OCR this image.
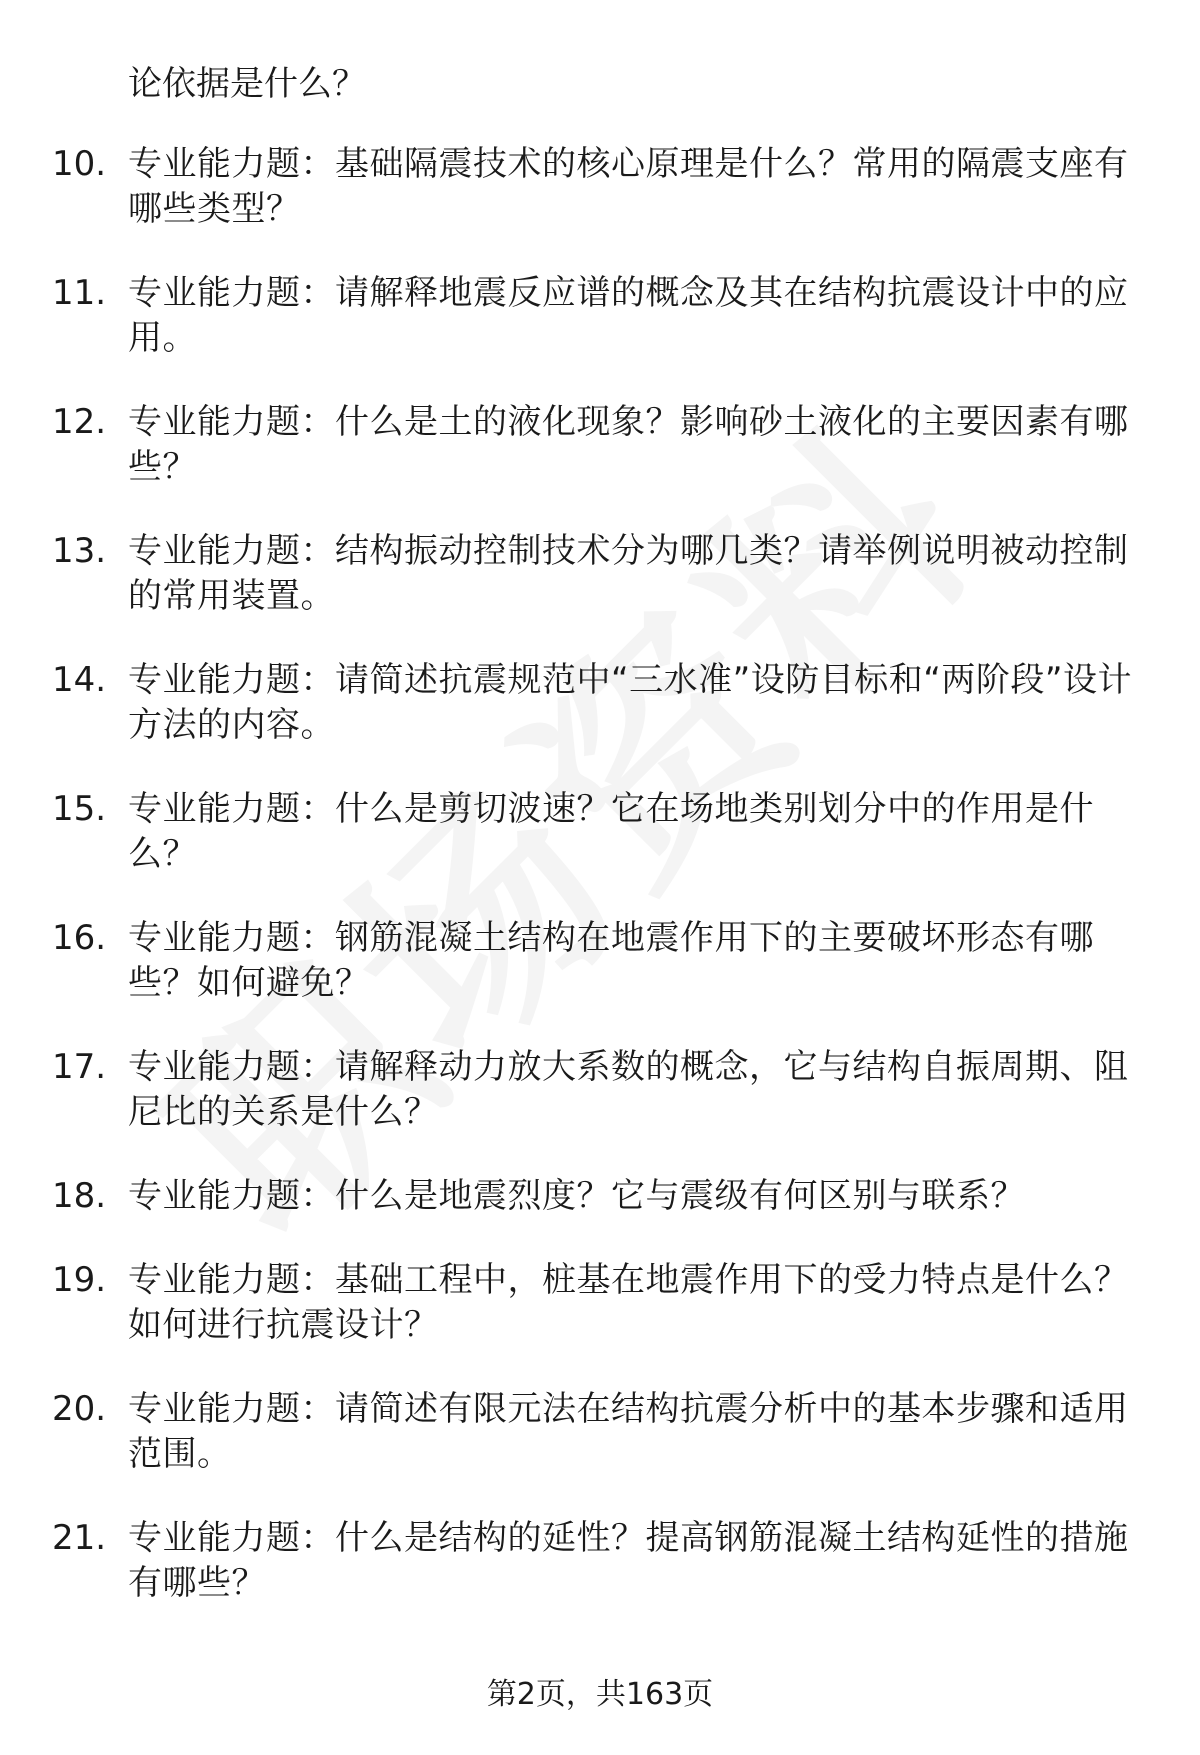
论依据是什么？
10. 专业能力题：基础隔震技术的核心原理是什么？常用的隔震支座有哪些类型？
11. 专业能力题：请解释地震反应谱的概念及其在结构抗震设计中的应用。
12. 专业能力题：什么是土的液化现象？影响砂土液化的主要因素有哪些？
13. 专业能力题：结构振动控制技术分为哪几类？请举例说明被动控制的常用装置。
14. 专业能力题：请简述抗震规范中“三水准”设防目标和“两阶段”设计方法的内容。
15. 专业能力题：什么是剪切波速？它在场地类别划分中的作用是什么？
16. 专业能力题：钢筋混凝土结构在地震作用下的主要破坏形态有哪些？如何避免？
17. 专业能力题：请解释动力放大系数的概念，它与结构自振周期、阻尼比的关系是什么？
18. 专业能力题：什么是地震烈度？它与震级有何区别与联系？
19. 专业能力题：基础工程中，桩基在地震作用下的受力特点是什么？如何进行抗震设计？
20. 专业能力题：请简述有限元法在结构抗震分析中的基本步骤和适用范围。
21. 专业能力题：什么是结构的延性？提高钢筋混凝土结构延性的措施有哪些？
第2页，共163页
